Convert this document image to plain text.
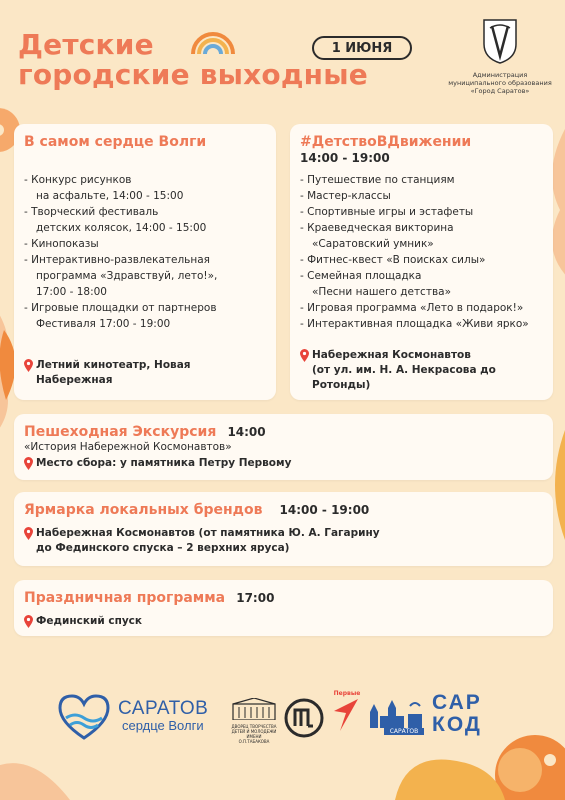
Детские
городские выходные
1 ИЮНЯ
Администрация
муниципального образования
«Город Саратов»
В самом сердце Волги
- Конкурс рисунков
на асфальте, 14:00 - 15:00
- Творческий фестиваль
детских колясок, 14:00 - 15:00
- Кинопоказы
- Интерактивно-развлекательная
программа «Здравствуй, лето!»,
17:00 - 18:00
- Игровые площадки от партнеров
Фестиваля 17:00 - 19:00
Летний кинотеатр, Новая Набережная
#ДетствоВДвижении
14:00 - 19:00
- Путешествие по станциям
- Мастер-классы
- Спортивные игры и эстафеты
- Краеведческая викторина
«Саратовский умник»
- Фитнес-квест «В поисках силы»
- Семейная площадка
«Песни нашего детства»
- Игровая программа «Лето в подарок!»
- Интерактивная площадка «Живи ярко»
Набережная Космонавтов
(от ул. им. Н. А. Некрасова до Ротонды)
Пешеходная Экскурсия 14:00
«История Набережной Космонавтов»
Место сбора: у памятника Петру Первому
Ярмарка локальных брендов 14:00 - 19:00
Набережная Космонавтов (от памятника Ю. А. Гагарину
до Фединского спуска – 2 верхних яруса)
Праздничная программа 17:00
Фединский спуск
САРАТОВ
сердце Волги	ДВОРЕЦ ТВОРЧЕСТВА
ДЕТЕЙ И МОЛОДЕЖИ
ИМЕНИ О.П.ТАБАКОВА
Первые
САРАТОВ
САР
КОД
